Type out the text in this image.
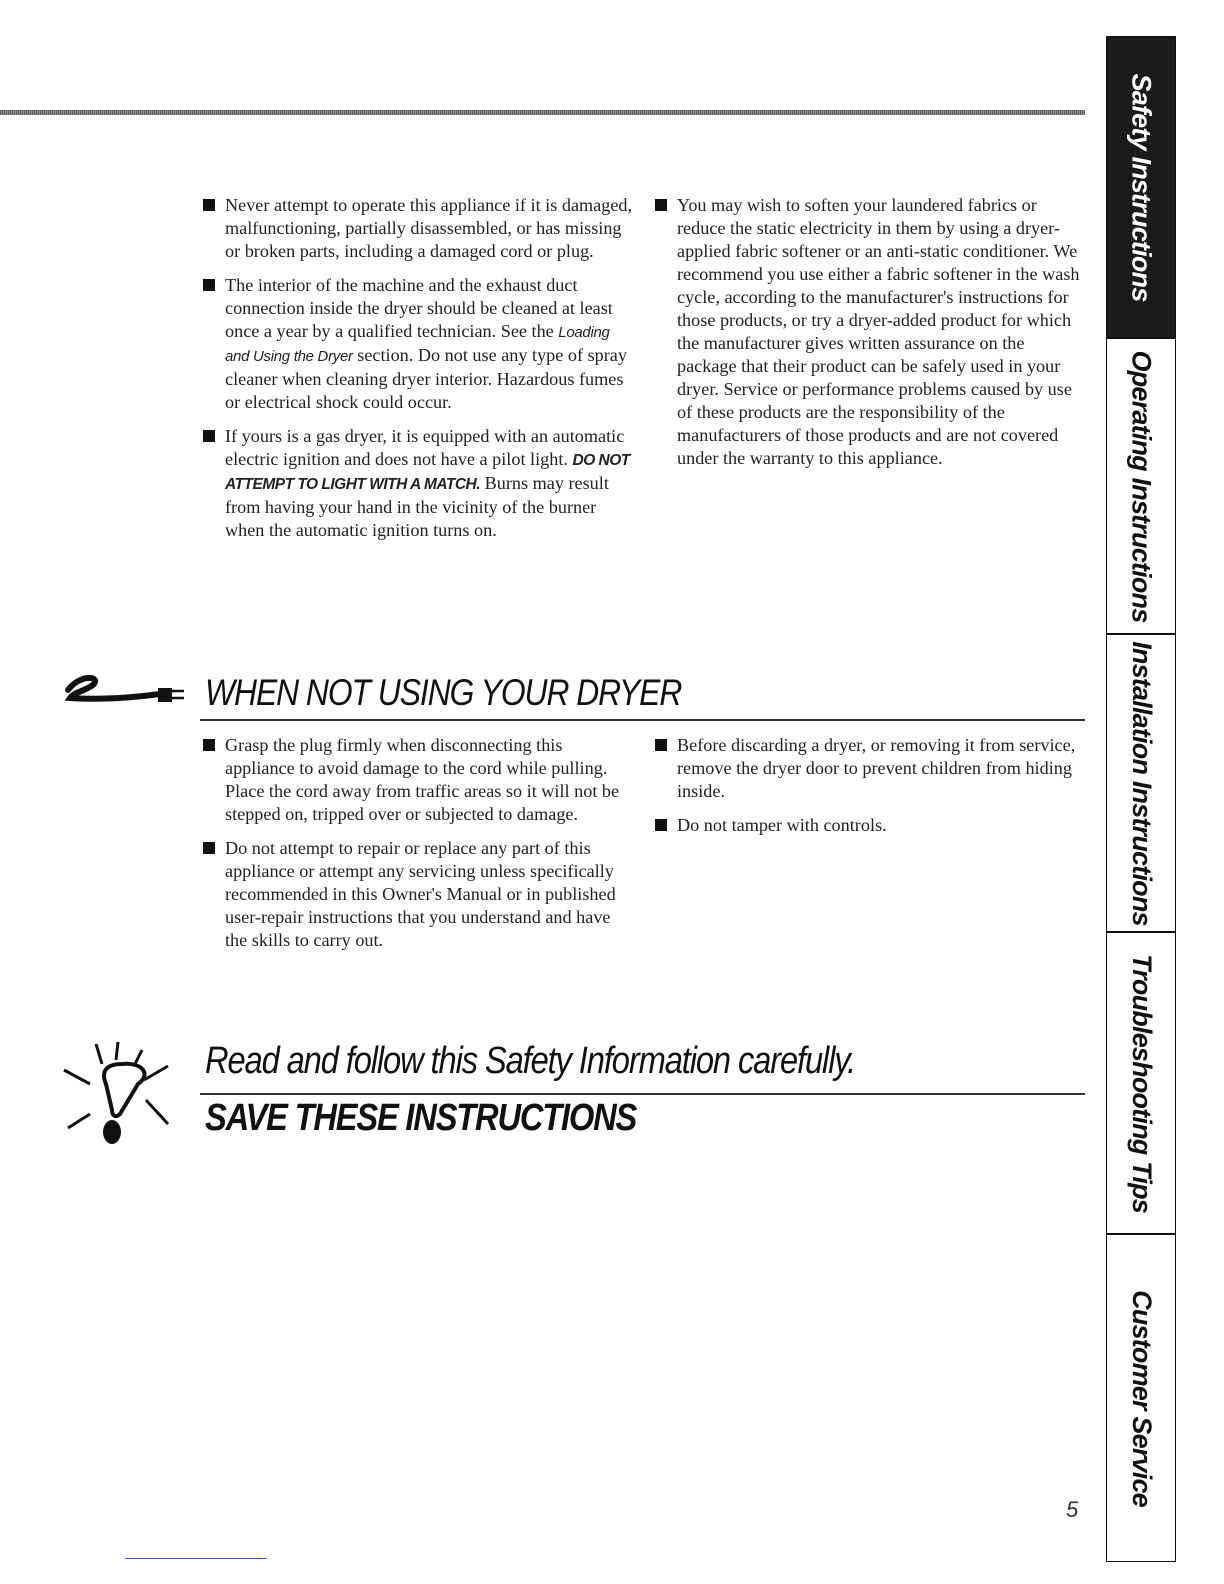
Never attempt to operate this appliance if it is damaged, malfunctioning, partially disassembled, or has missing or broken parts, including a damaged cord or plug.

The interior of the machine and the exhaust duct connection inside the dryer should be cleaned at least once a year by a qualified technician. See the Loading and Using the Dryer section. Do not use any type of spray cleaner when cleaning dryer interior. Hazardous fumes or electrical shock could occur.

If yours is a gas dryer, it is equipped with an automatic electric ignition and does not have a pilot light. DO NOT ATTEMPT TO LIGHT WITH A MATCH. Burns may result from having your hand in the vicinity of the burner when the automatic ignition turns on.

You may wish to soften your laundered fabrics or reduce the static electricity in them by using a dryer-applied fabric softener or an anti-static conditioner. We recommend you use either a fabric softener in the wash cycle, according to the manufacturer's instructions for those products, or try a dryer-added product for which the manufacturer gives written assurance on the package that their product can be safely used in your dryer. Service or performance problems caused by use of these products are the responsibility of the manufacturers of those products and are not covered under the warranty to this appliance.

WHEN NOT USING YOUR DRYER

Grasp the plug firmly when disconnecting this appliance to avoid damage to the cord while pulling. Place the cord away from traffic areas so it will not be stepped on, tripped over or subjected to damage.

Do not attempt to repair or replace any part of this appliance or attempt any servicing unless specifically recommended in this Owner's Manual or in published user-repair instructions that you understand and have the skills to carry out.

Before discarding a dryer, or removing it from service, remove the dryer door to prevent children from hiding inside.

Do not tamper with controls.

Read and follow this Safety Information carefully.
SAVE THESE INSTRUCTIONS
Safety Instructions
Operating Instructions
Installation Instructions
Troubleshooting Tips
Customer Service
5
